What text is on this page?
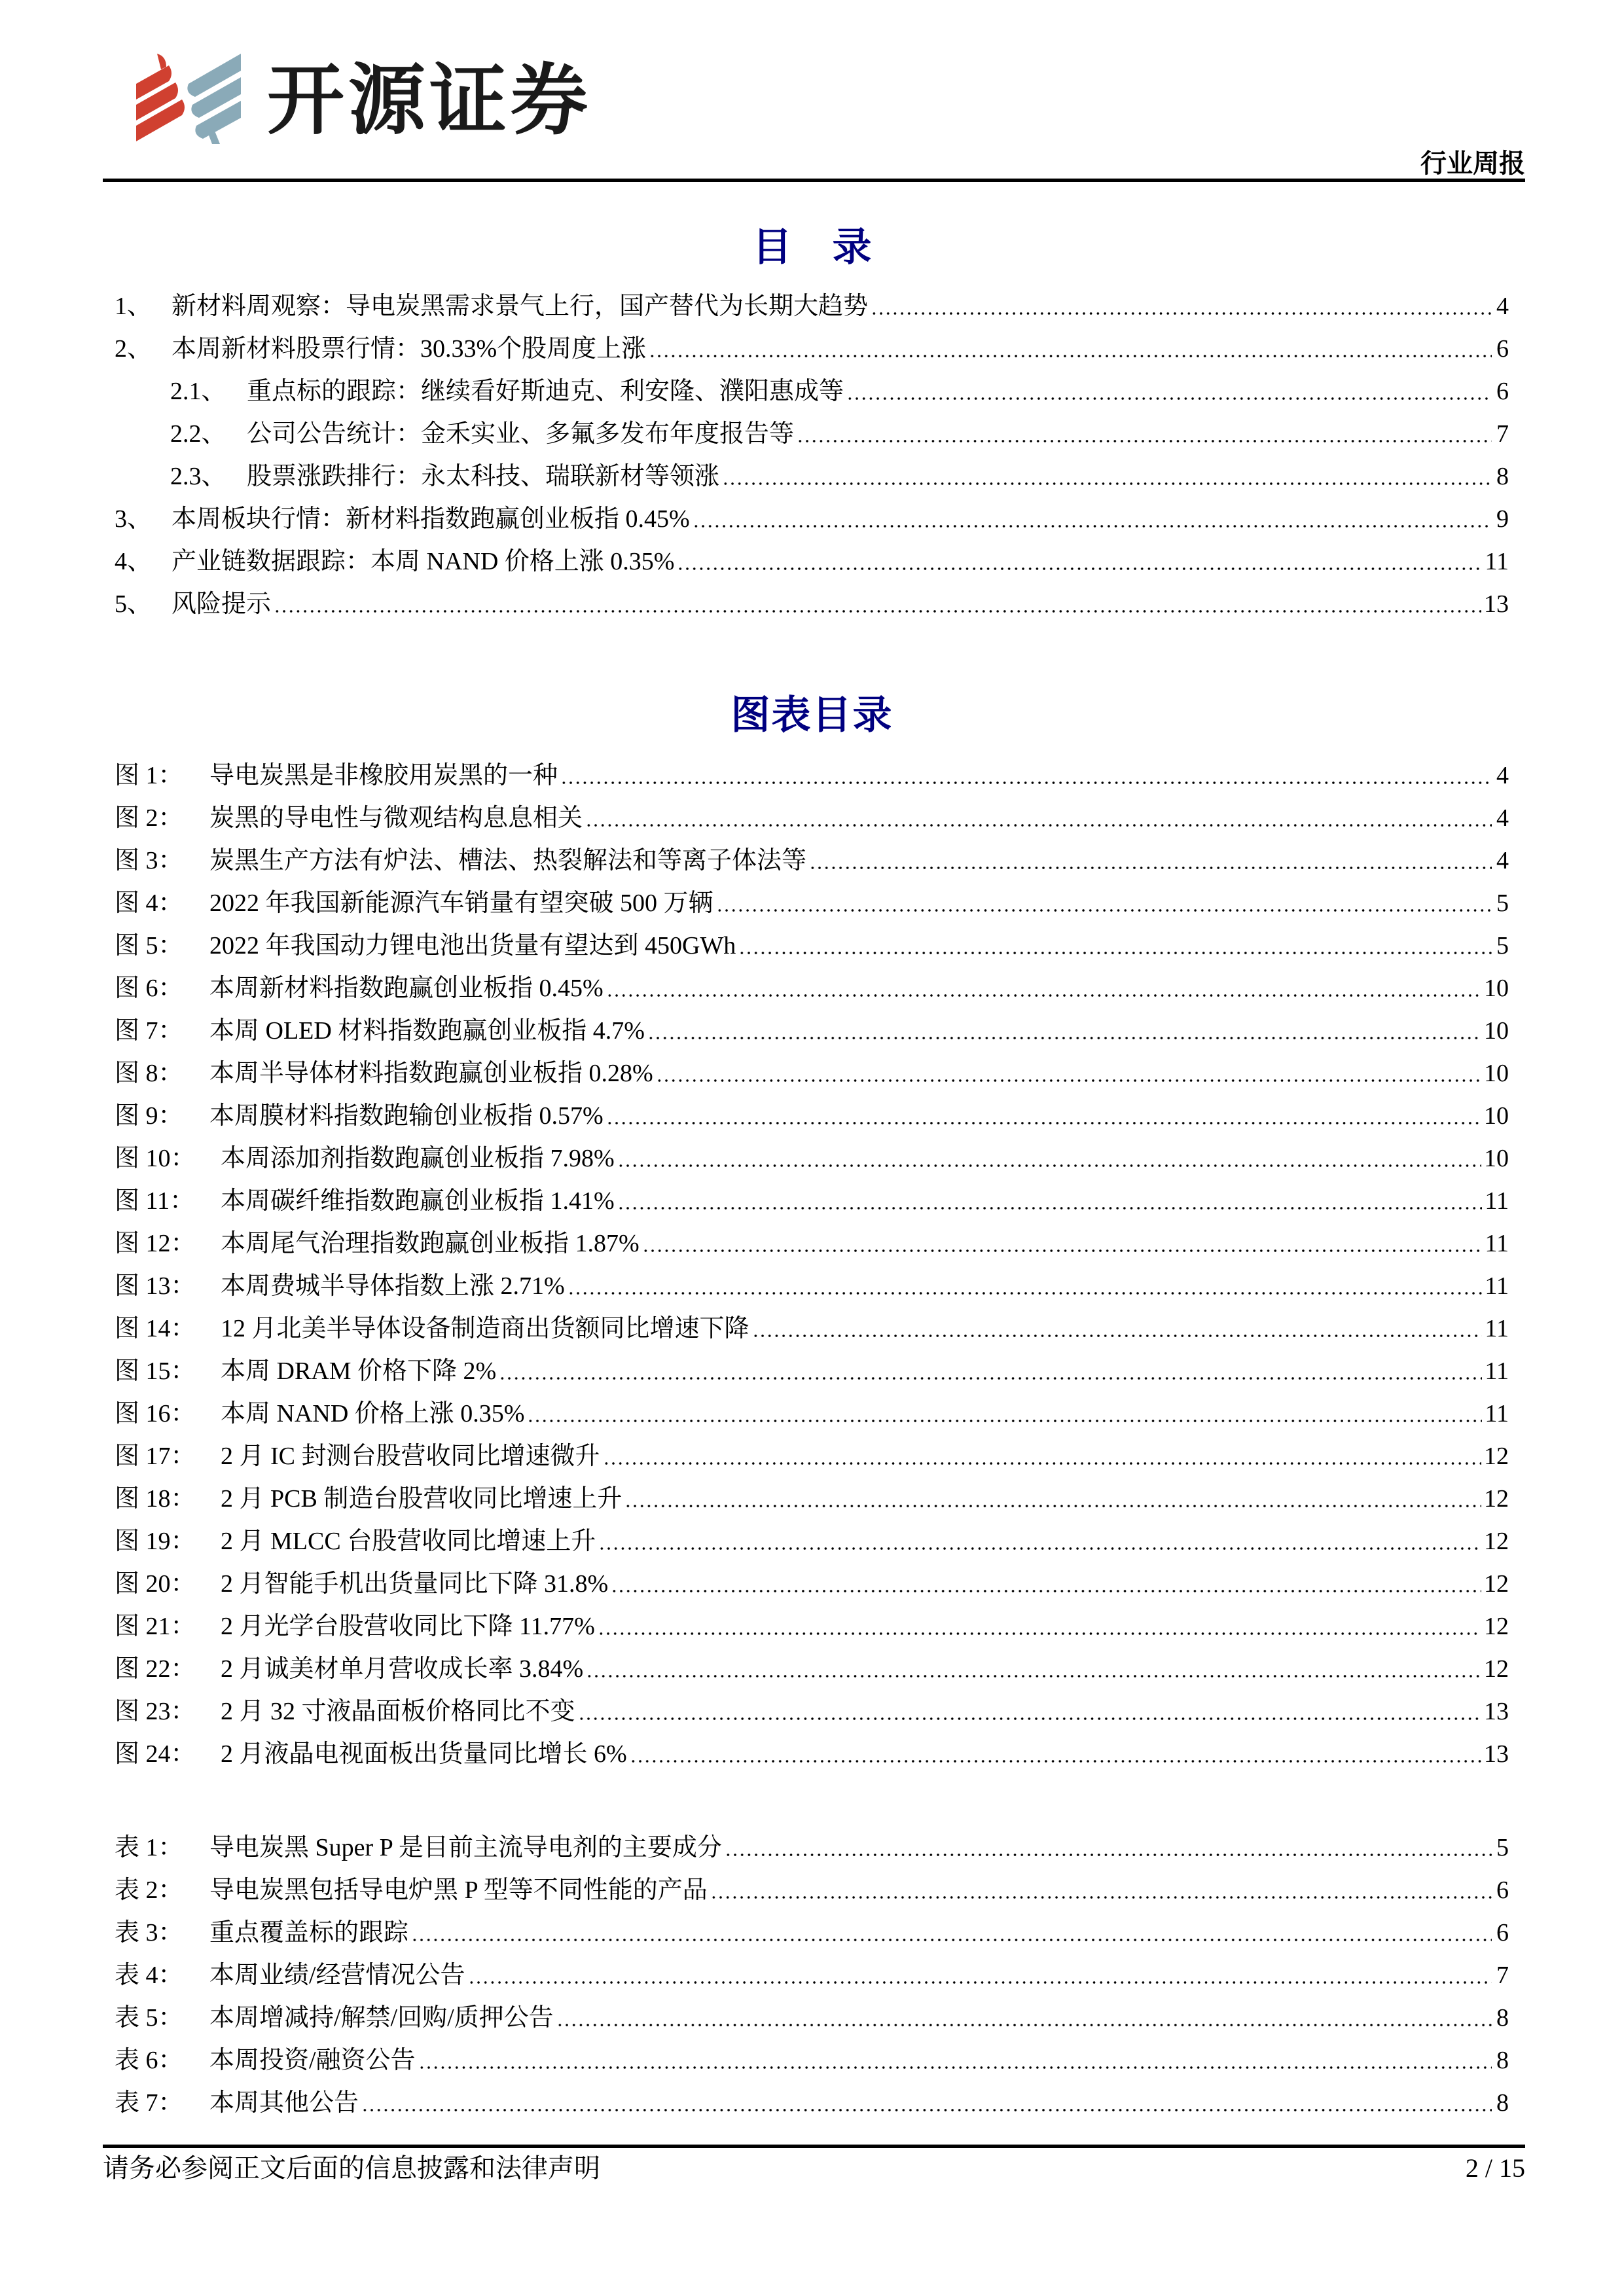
开源证券
行业周报
目录
1、 新材料周观察：导电炭黑需求景气上行，国产替代为长期大趋势	4
2、 本周新材料股票行情：30.33%个股周度上涨	6
2.1、 重点标的跟踪：继续看好斯迪克、利安隆、濮阳惠成等	6
2.2、 公司公告统计：金禾实业、多氟多发布年度报告等	7
2.3、 股票涨跌排行：永太科技、瑞联新材等领涨	8
3、 本周板块行情：新材料指数跑赢创业板指 0.45%	9
4、 产业链数据跟踪：本周 NAND 价格上涨 0.35%	11
5、 风险提示	13
图表目录
图 1：	导电炭黑是非橡胶用炭黑的一种	4
图 2：	炭黑的导电性与微观结构息息相关	4
图 3：	炭黑生产方法有炉法、槽法、热裂解法和等离子体法等	4
图 4：	2022 年我国新能源汽车销量有望突破 500 万辆	5
图 5：	2022 年我国动力锂电池出货量有望达到 450GWh	5
图 6：	本周新材料指数跑赢创业板指 0.45%	10
图 7：	本周 OLED 材料指数跑赢创业板指 4.7%	10
图 8：	本周半导体材料指数跑赢创业板指 0.28%	10
图 9：	本周膜材料指数跑输创业板指 0.57%	10
图 10：	本周添加剂指数跑赢创业板指 7.98%	10
图 11：	本周碳纤维指数跑赢创业板指 1.41%	11
图 12：	本周尾气治理指数跑赢创业板指 1.87%	11
图 13：	本周费城半导体指数上涨 2.71%	11
图 14：	12 月北美半导体设备制造商出货额同比增速下降	11
图 15：	本周 DRAM 价格下降 2%	11
图 16：	本周 NAND 价格上涨 0.35%	11
图 17：	2 月 IC 封测台股营收同比增速微升	12
图 18：	2 月 PCB 制造台股营收同比增速上升	12
图 19：	2 月 MLCC 台股营收同比增速上升	12
图 20：	2 月智能手机出货量同比下降 31.8%	12
图 21：	2 月光学台股营收同比下降 11.77%	12
图 22：	2 月诚美材单月营收成长率 3.84%	12
图 23：	2 月 32 寸液晶面板价格同比不变	13
图 24：	2 月液晶电视面板出货量同比增长 6%	13
表 1：	导电炭黑 Super P 是目前主流导电剂的主要成分	5
表 2：	导电炭黑包括导电炉黑 P 型等不同性能的产品	6
表 3：	重点覆盖标的跟踪	6
表 4：	本周业绩/经营情况公告	7
表 5：	本周增减持/解禁/回购/质押公告	8
表 6：	本周投资/融资公告	8
表 7：	本周其他公告	8
请务必参阅正文后面的信息披露和法律声明	2 / 15
